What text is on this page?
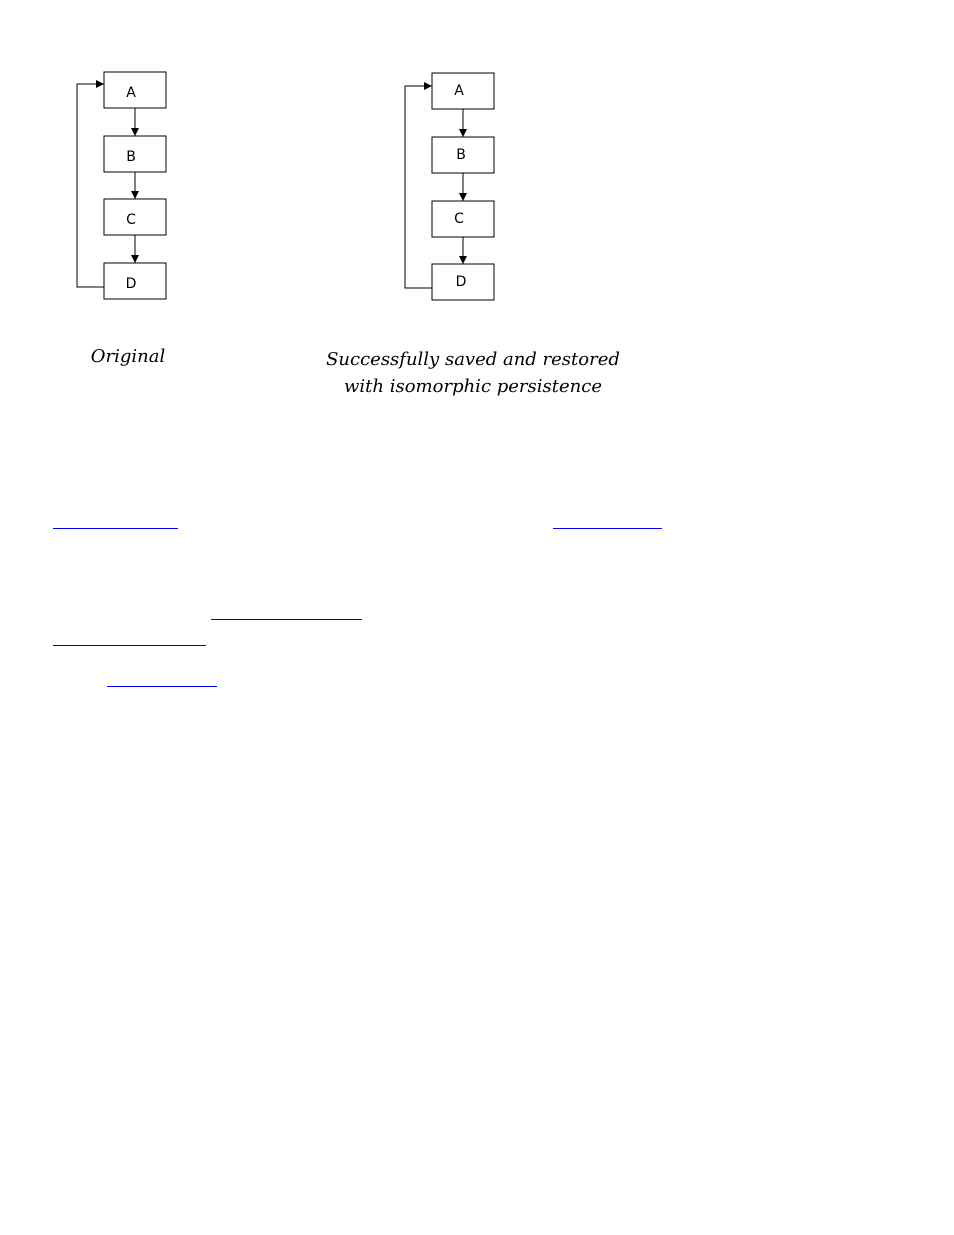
A
B
C
D
Original
A
B
C
D
Successfully saved and restored
with isomorphic persistence
